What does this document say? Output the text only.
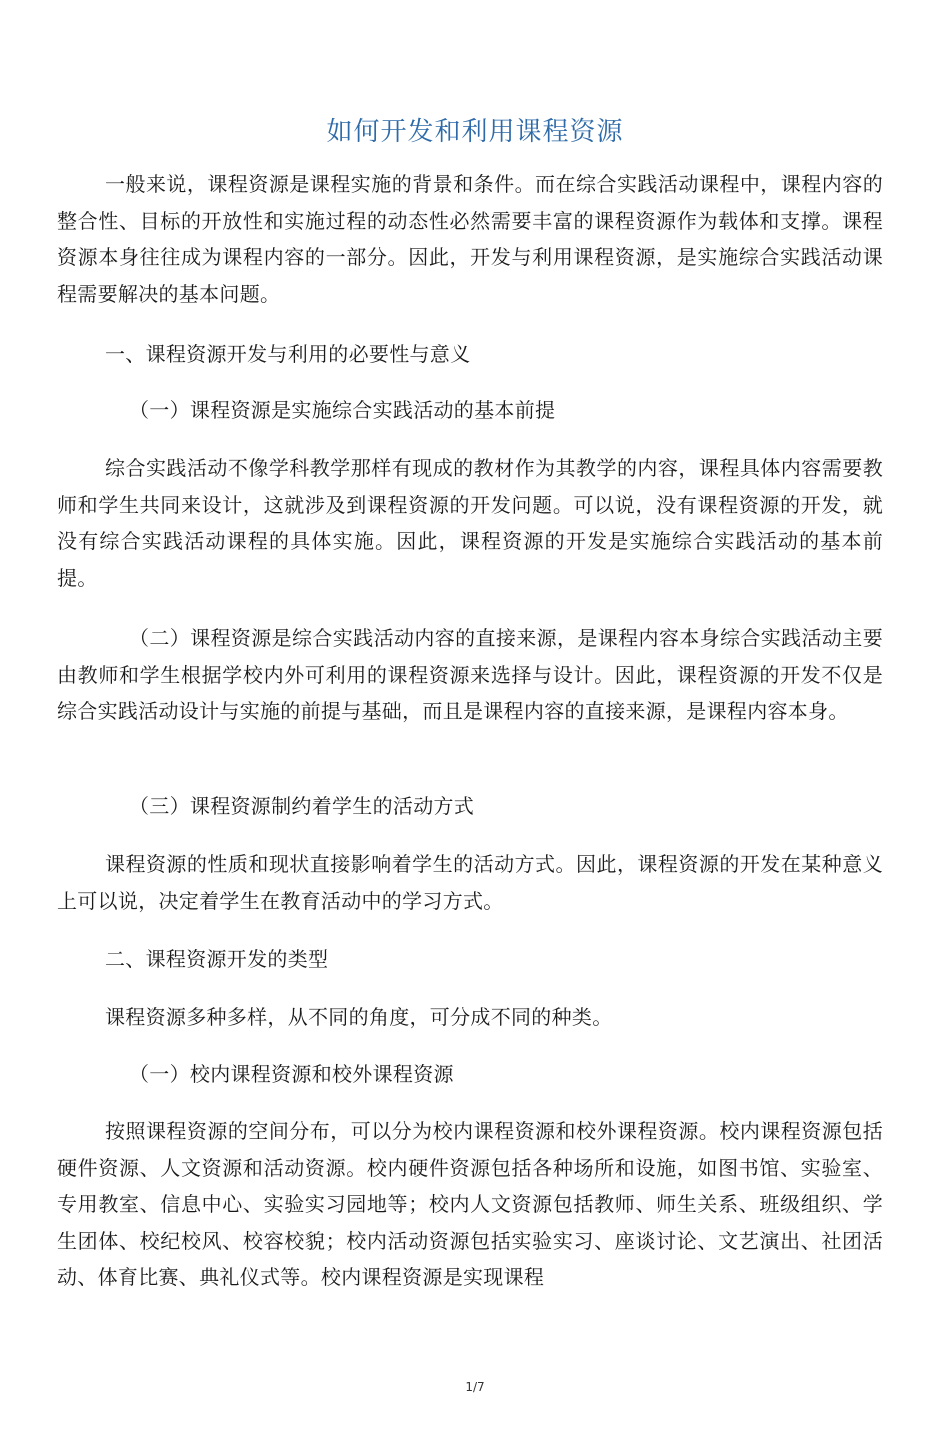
如何开发和利用课程资源

一般来说，课程资源是课程实施的背景和条件。而在综合实践活动课程中，课程内容的整合性、目标的开放性和实施过程的动态性必然需要丰富的课程资源作为载体和支撑。课程资源本身往往成为课程内容的一部分。因此，开发与利用课程资源，是实施综合实践活动课程需要解决的基本问题。

一、课程资源开发与利用的必要性与意义

（一）课程资源是实施综合实践活动的基本前提

综合实践活动不像学科教学那样有现成的教材作为其教学的内容，课程具体内容需要教师和学生共同来设计，这就涉及到课程资源的开发问题。可以说，没有课程资源的开发，就没有综合实践活动课程的具体实施。因此，课程资源的开发是实施综合实践活动的基本前提。

（二）课程资源是综合实践活动内容的直接来源，是课程内容本身综合实践活动主要由教师和学生根据学校内外可利用的课程资源来选择与设计。因此，课程资源的开发不仅是综合实践活动设计与实施的前提与基础，而且是课程内容的直接来源，是课程内容本身。

（三）课程资源制约着学生的活动方式

课程资源的性质和现状直接影响着学生的活动方式。因此，课程资源的开发在某种意义上可以说，决定着学生在教育活动中的学习方式。

二、课程资源开发的类型

课程资源多种多样，从不同的角度，可分成不同的种类。

（一）校内课程资源和校外课程资源

按照课程资源的空间分布，可以分为校内课程资源和校外课程资源。校内课程资源包括硬件资源、人文资源和活动资源。校内硬件资源包括各种场所和设施，如图书馆、实验室、专用教室、信息中心、实验实习园地等；校内人文资源包括教师、师生关系、班级组织、学生团体、校纪校风、校容校貌；校内活动资源包括实验实习、座谈讨论、文艺演出、社团活动、体育比赛、典礼仪式等。校内课程资源是实现课程

1/7
